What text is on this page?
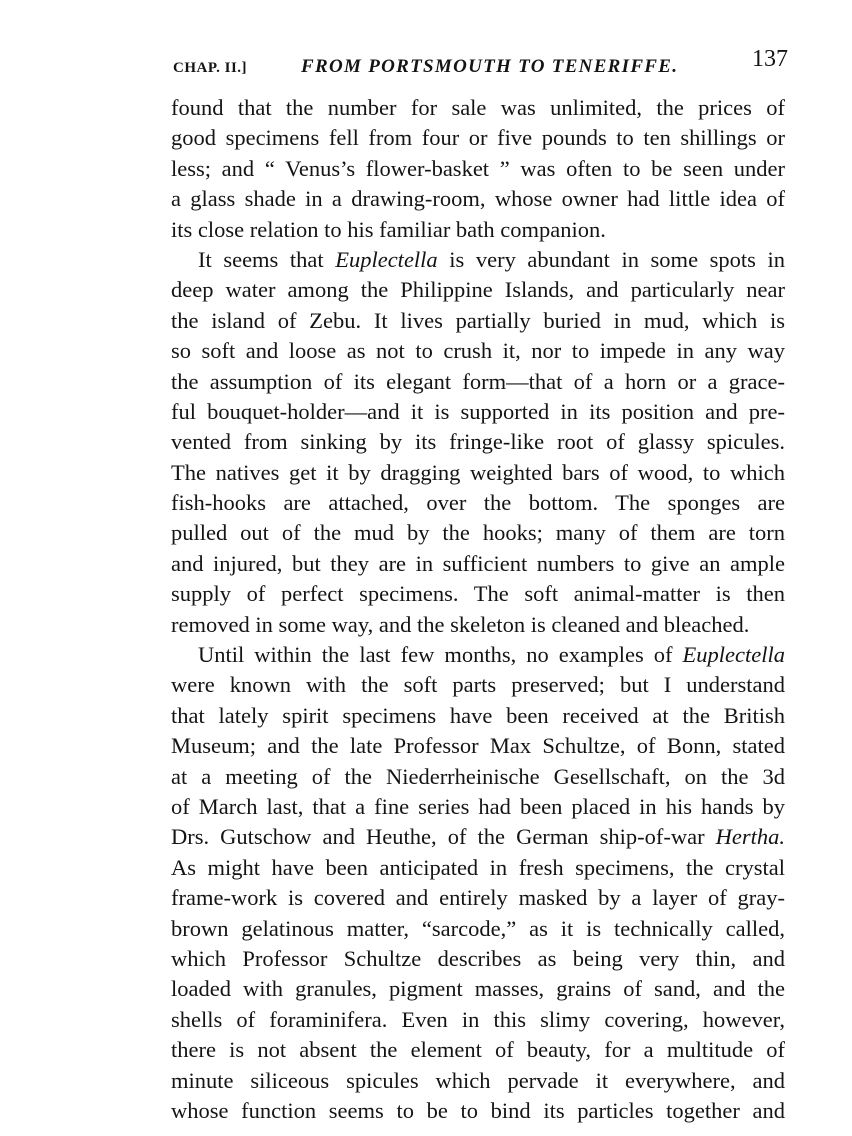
CHAP. II.]	FROM PORTSMOUTH TO TENERIFFE.	137
found that the number for sale was unlimited, the prices of
good specimens fell from four or five pounds to ten shillings or
less; and “ Venus’s flower-basket ” was often to be seen under
a glass shade in a drawing-room, whose owner had little idea of
its close relation to his familiar bath companion.
It seems that Euplectella is very abundant in some spots in
deep water among the Philippine Islands, and particularly near
the island of Zebu. It lives partially buried in mud, which is
so soft and loose as not to crush it, nor to impede in any way
the assumption of its elegant form—that of a horn or a grace-
ful bouquet-holder—and it is supported in its position and pre-
vented from sinking by its fringe-like root of glassy spicules.
The natives get it by dragging weighted bars of wood, to which
fish-hooks are attached, over the bottom. The sponges are
pulled out of the mud by the hooks; many of them are torn
and injured, but they are in sufficient numbers to give an ample
supply of perfect specimens. The soft animal-matter is then
removed in some way, and the skeleton is cleaned and bleached.
Until within the last few months, no examples of Euplectella
were known with the soft parts preserved; but I understand
that lately spirit specimens have been received at the British
Museum; and the late Professor Max Schultze, of Bonn, stated
at a meeting of the Niederrheinische Gesellschaft, on the 3d
of March last, that a fine series had been placed in his hands by
Drs. Gutschow and Heuthe, of the German ship-of-war Hertha.
As might have been anticipated in fresh specimens, the crystal
frame-work is covered and entirely masked by a layer of gray-
brown gelatinous matter, “sarcode,” as it is technically called,
which Professor Schultze describes as being very thin, and
loaded with granules, pigment masses, grains of sand, and the
shells of foraminifera. Even in this slimy covering, however,
there is not absent the element of beauty, for a multitude of
minute siliceous spicules which pervade it everywhere, and
whose function seems to be to bind its particles together and
